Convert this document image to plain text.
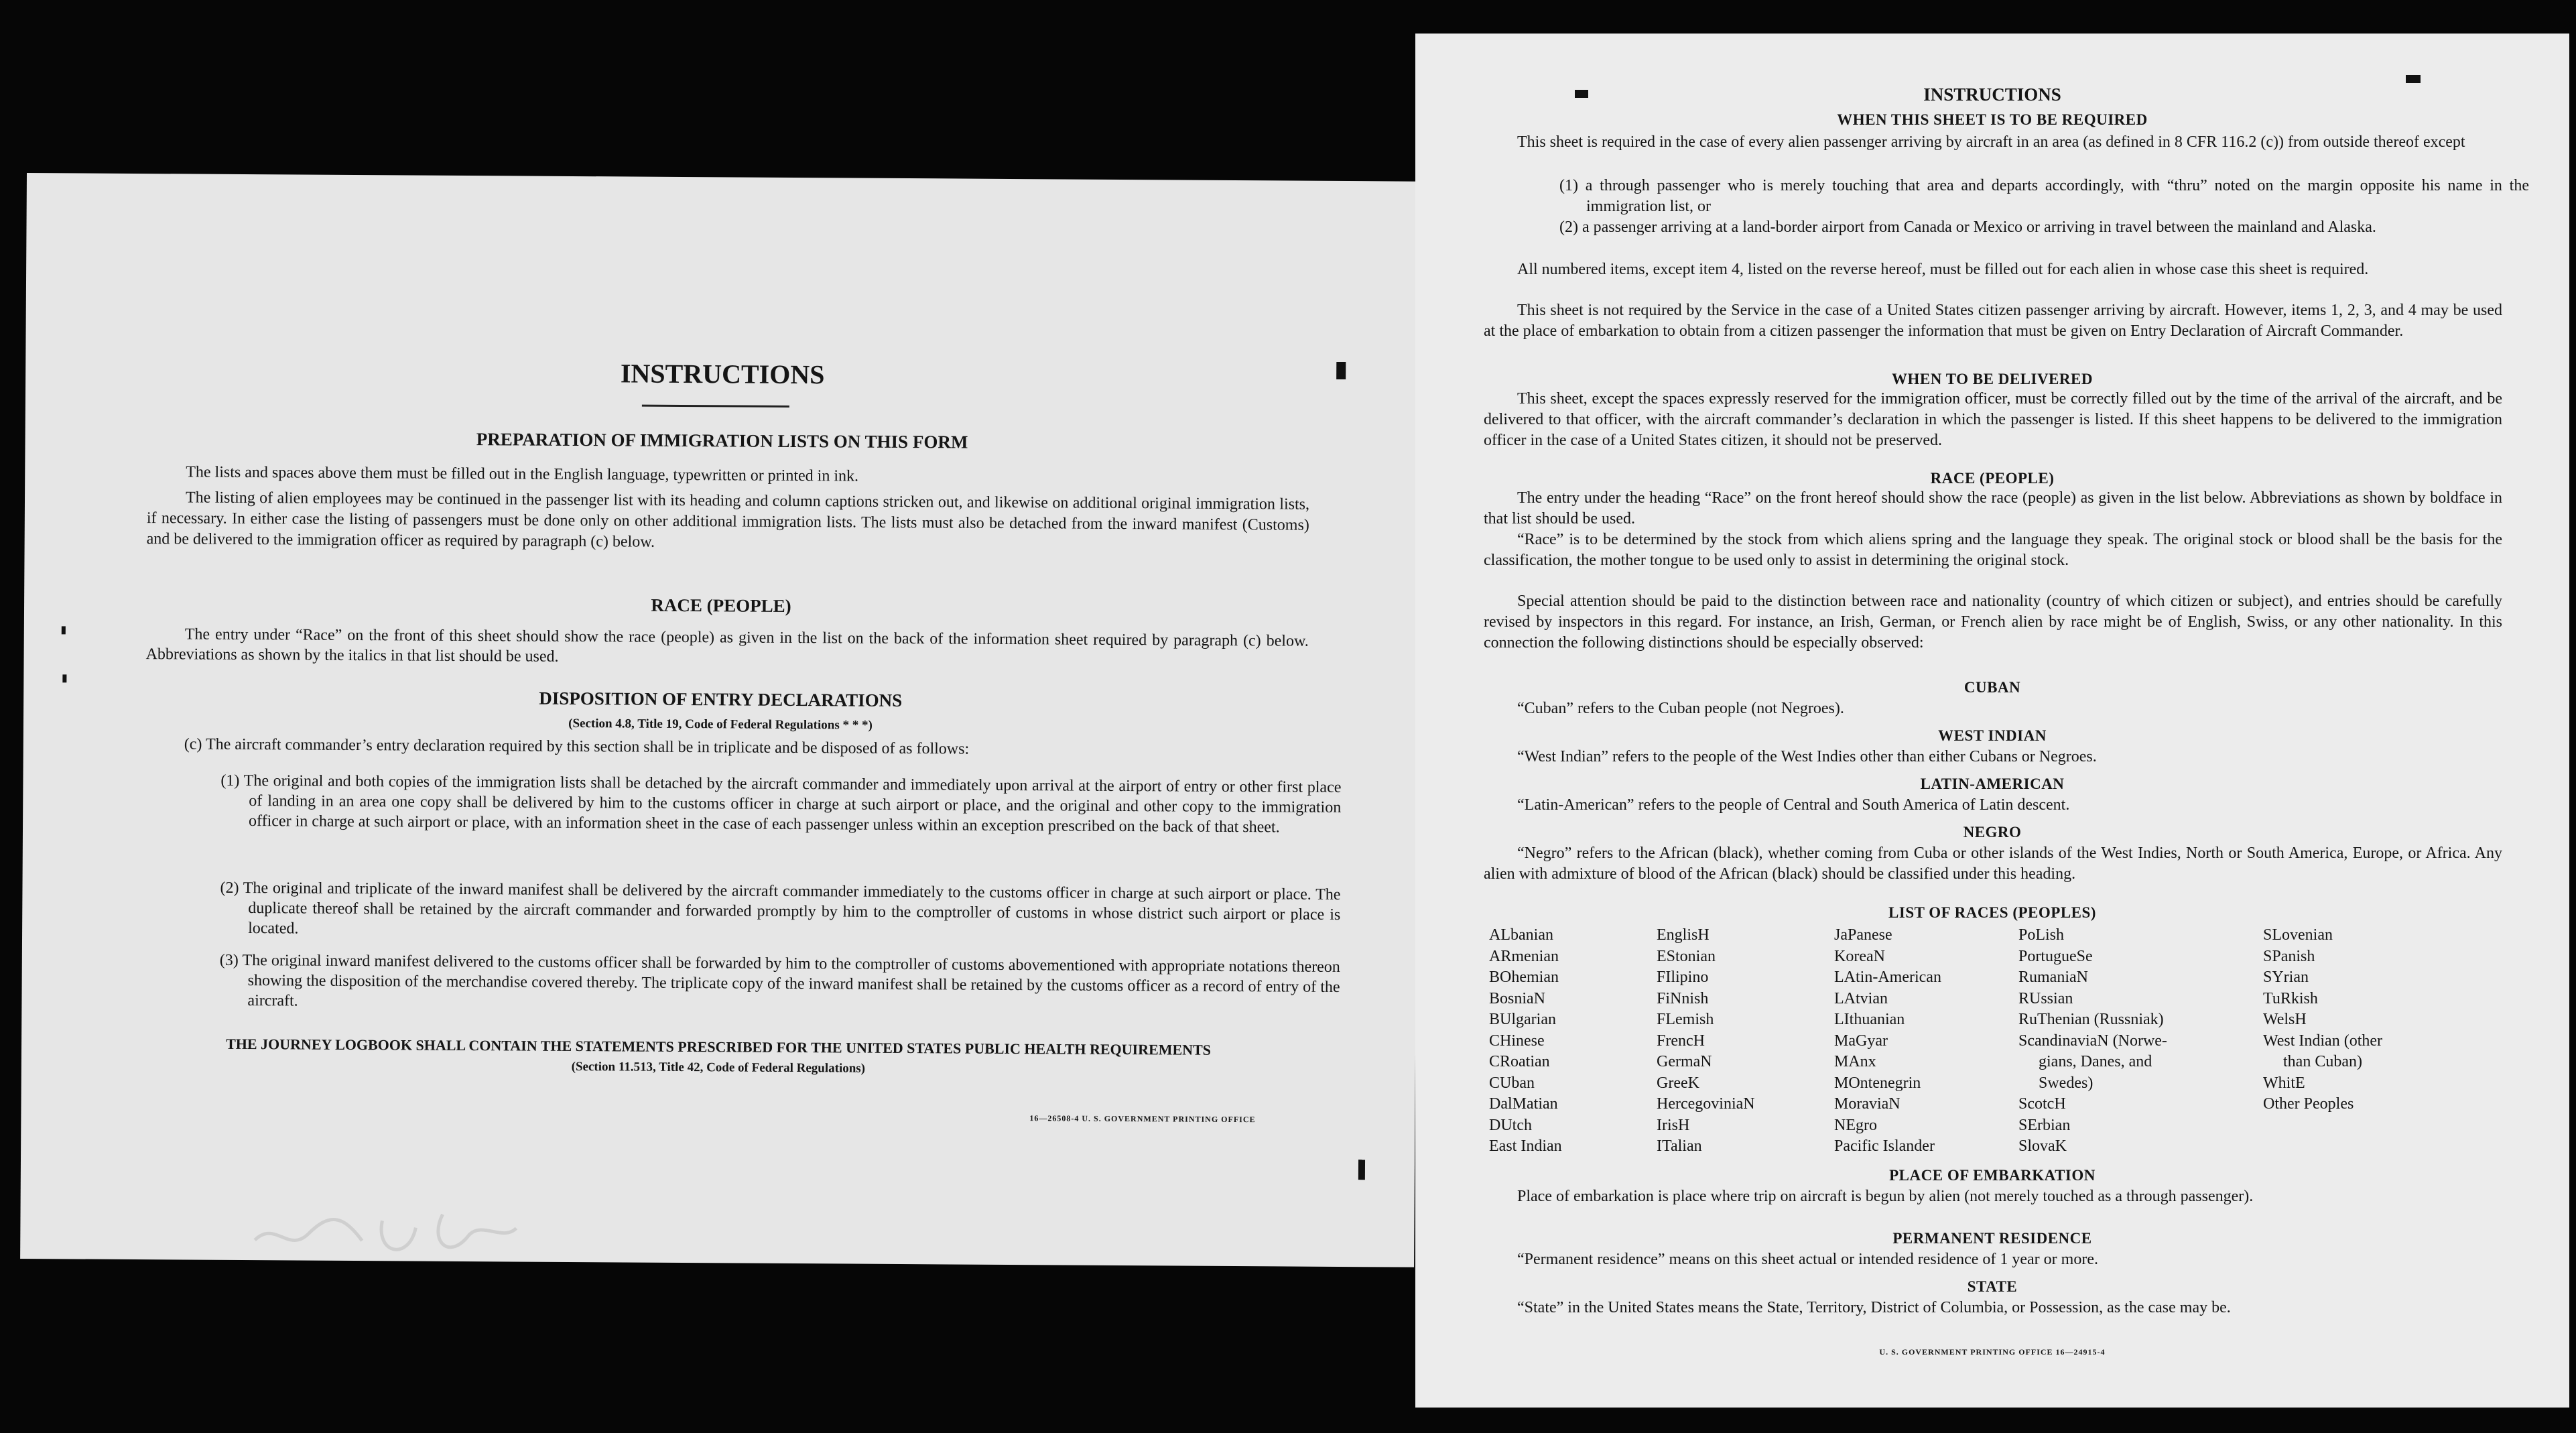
INSTRUCTIONS
PREPARATION OF IMMIGRATION LISTS ON THIS FORM
The lists and spaces above them must be filled out in the English language, typewritten or printed in ink.
The listing of alien employees may be continued in the passenger list with its heading and column captions stricken out, and likewise on additional original immigration lists, if necessary. In either case the listing of passengers must be done only on other additional immigration lists. The lists must also be detached from the inward manifest (Customs) and be delivered to the immigration officer as required by paragraph (c) below.
RACE (PEOPLE)
The entry under “Race” on the front of this sheet should show the race (people) as given in the list on the back of the information sheet required by paragraph (c) below. Abbreviations as shown by the italics in that list should be used.
DISPOSITION OF ENTRY DECLARATIONS
(Section 4.8, Title 19, Code of Federal Regulations * * *)
(c) The aircraft commander’s entry declaration required by this section shall be in triplicate and be disposed of as follows:
(1) The original and both copies of the immigration lists shall be detached by the aircraft commander and immediately upon arrival at the airport of entry or other first place of landing in an area one copy shall be delivered by him to the customs officer in charge at such airport or place, and the original and other copy to the immigration officer in charge at such airport or place, with an information sheet in the case of each passenger unless within an exception prescribed on the back of that sheet.
(2) The original and triplicate of the inward manifest shall be delivered by the aircraft commander immediately to the customs officer in charge at such airport or place. The duplicate thereof shall be retained by the aircraft commander and forwarded promptly by him to the comptroller of customs in whose district such airport or place is located.
(3) The original inward manifest delivered to the customs officer shall be forwarded by him to the comptroller of customs abovementioned with appropriate notations thereon showing the disposition of the merchandise covered thereby. The triplicate copy of the inward manifest shall be retained by the customs officer as a record of entry of the aircraft.
THE JOURNEY LOGBOOK SHALL CONTAIN THE STATEMENTS PRESCRIBED FOR THE UNITED STATES PUBLIC HEALTH REQUIREMENTS
(Section 11.513, Title 42, Code of Federal Regulations)
16—26508-4 U. S. GOVERNMENT PRINTING OFFICE
INSTRUCTIONS
WHEN THIS SHEET IS TO BE REQUIRED
This sheet is required in the case of every alien passenger arriving by aircraft in an area (as defined in 8 CFR 116.2 (c)) from outside thereof except
(1) a through passenger who is merely touching that area and departs accordingly, with “thru” noted on the margin opposite his name in the immigration list, or
(2) a passenger arriving at a land-border airport from Canada or Mexico or arriving in travel between the mainland and Alaska.
All numbered items, except item 4, listed on the reverse hereof, must be filled out for each alien in whose case this sheet is required.
This sheet is not required by the Service in the case of a United States citizen passenger arriving by aircraft. However, items 1, 2, 3, and 4 may be used at the place of embarkation to obtain from a citizen passenger the information that must be given on Entry Declaration of Aircraft Commander.
WHEN TO BE DELIVERED
This sheet, except the spaces expressly reserved for the immigration officer, must be correctly filled out by the time of the arrival of the aircraft, and be delivered to that officer, with the aircraft commander’s declaration in which the passenger is listed. If this sheet happens to be delivered to the immigration officer in the case of a United States citizen, it should not be preserved.
RACE (PEOPLE)
The entry under the heading “Race” on the front hereof should show the race (people) as given in the list below. Abbreviations as shown by boldface in that list should be used.
“Race” is to be determined by the stock from which aliens spring and the language they speak. The original stock or blood shall be the basis for the classification, the mother tongue to be used only to assist in determining the original stock.
Special attention should be paid to the distinction between race and nationality (country of which citizen or subject), and entries should be carefully revised by inspectors in this regard. For instance, an Irish, German, or French alien by race might be of English, Swiss, or any other nationality. In this connection the following distinctions should be especially observed:
CUBAN
“Cuban” refers to the Cuban people (not Negroes).
WEST INDIAN
“West Indian” refers to the people of the West Indies other than either Cubans or Negroes.
LATIN-AMERICAN
“Latin-American” refers to the people of Central and South America of Latin descent.
NEGRO
“Negro” refers to the African (black), whether coming from Cuba or other islands of the West Indies, North or South America, Europe, or Africa. Any alien with admixture of blood of the African (black) should be classified under this heading.
LIST OF RACES (PEOPLES)
ALbanian
ARmenian
BOhemian
BosniaN
BUlgarian
CHinese
CRoatian
CUban
DalMatian
DUtch
East Indian
EnglisH
EStonian
FIlipino
FiNnish
FLemish
FrencH
GermaN
GreeK
HercegoviniaN
IrisH
ITalian
JaPanese
KoreaN
LAtin-American
LAtvian
LIthuanian
MaGyar
MAnx
MOntenegrin
MoraviaN
NEgro
Pacific Islander
PoLish
PortugueSe
RumaniaN
RUssian
RuThenian (Russniak)
ScandinaviaN (Norwe-
gians, Danes, and
Swedes)
ScotcH
SErbian
SlovaK
SLovenian
SPanish
SYrian
TuRkish
WelsH
West Indian (other
than Cuban)
WhitE
Other Peoples
PLACE OF EMBARKATION
Place of embarkation is place where trip on aircraft is begun by alien (not merely touched as a through passenger).
PERMANENT RESIDENCE
“Permanent residence” means on this sheet actual or intended residence of 1 year or more.
STATE
“State” in the United States means the State, Territory, District of Columbia, or Possession, as the case may be.
U. S. GOVERNMENT PRINTING OFFICE 16—24915-4
